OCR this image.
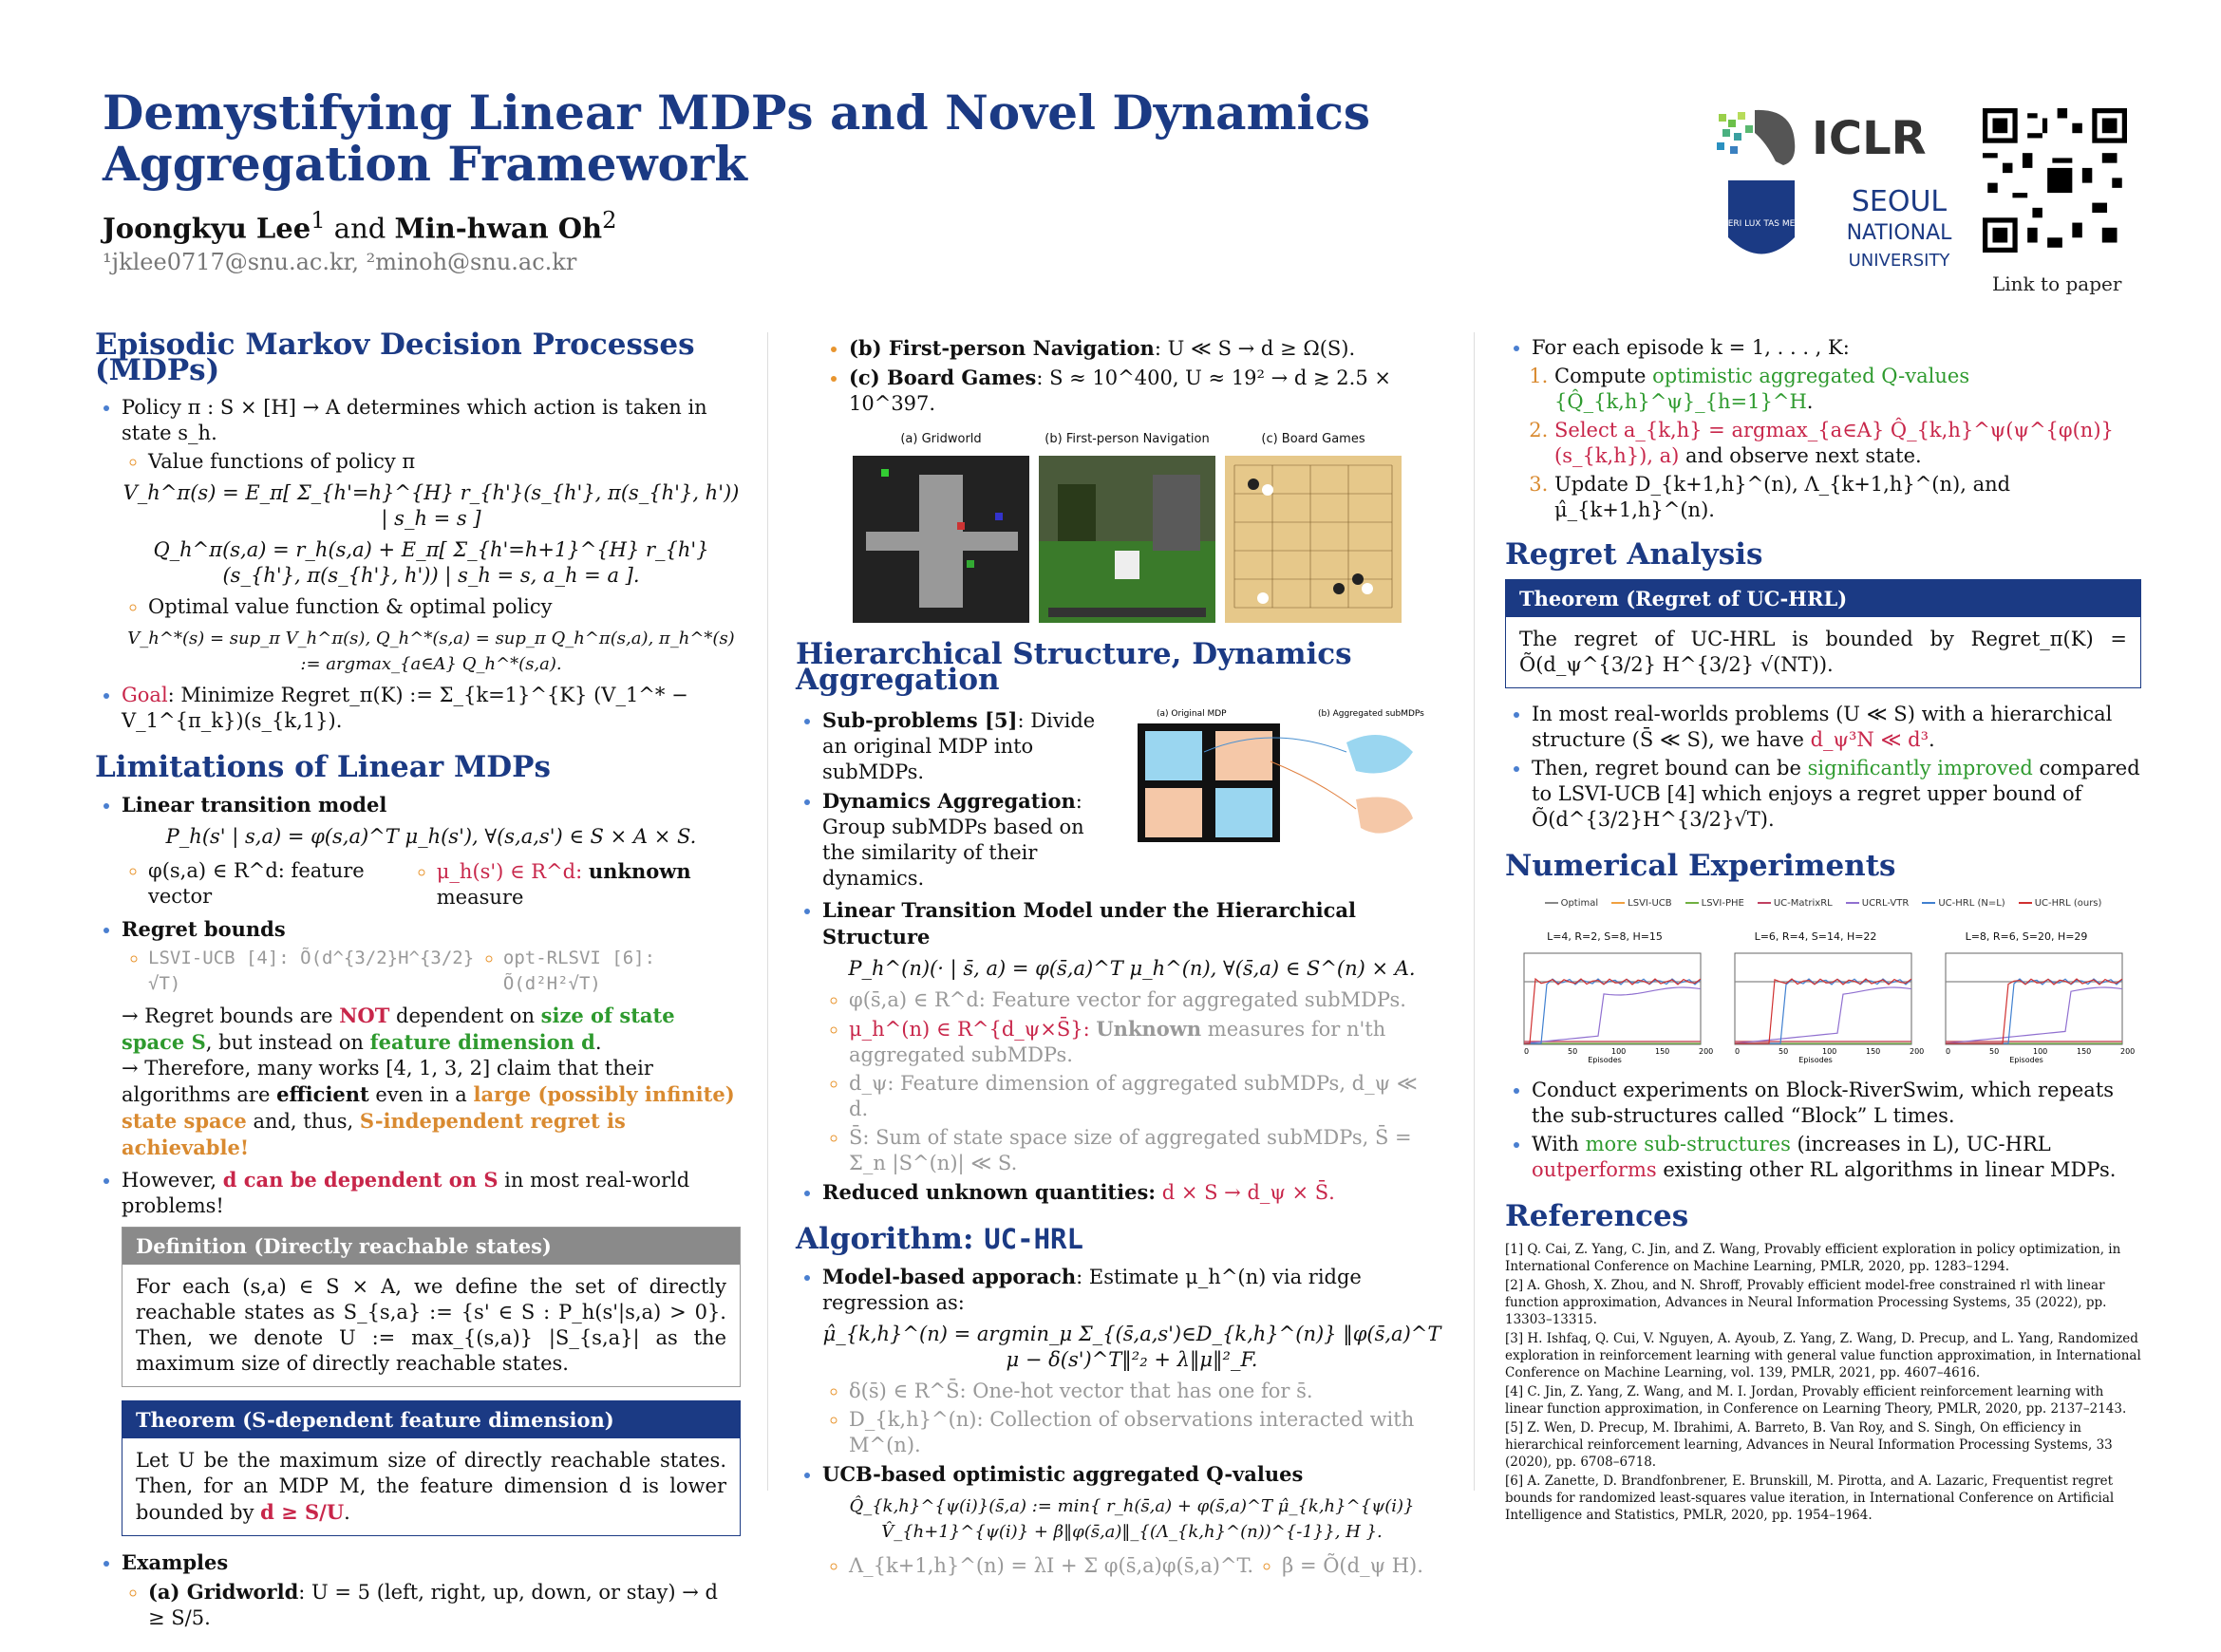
Demystifying Linear MDPs and Novel Dynamics Aggregation Framework
Joongkyu Lee$^1$ and Min-hwan Oh$^2$
¹jklee0717@snu.ac.kr, ²minoh@snu.ac.kr
ICLR
VERI LUX TAS MEA
SEOUL
NATIONAL
UNIVERSITY
Link to paper
Episodic Markov Decision Processes (MDPs)
• Policy π : S × [H] → A determines which action is taken in state s_h.
◦ Value functions of policy π
V_h^π(s) = E_π[ Σ_{h'=h}^{H} r_{h'}(s_{h'}, π(s_{h'}, h')) | s_h = s ]
Q_h^π(s,a) = r_h(s,a) + E_π[ Σ_{h'=h+1}^{H} r_{h'}(s_{h'}, π(s_{h'}, h')) | s_h = s, a_h = a ].
◦ Optimal value function & optimal policy
V_h^*(s) = sup_π V_h^π(s), Q_h^*(s,a) = sup_π Q_h^π(s,a), π_h^*(s) := argmax_{a∈A} Q_h^*(s,a).
• Goal: Minimize Regret_π(K) := Σ_{k=1}^{K} (V_1^* − V_1^{π_k})(s_{k,1}).
Limitations of Linear MDPs
• Linear transition model
P_h(s' | s,a) = φ(s,a)^T μ_h(s'), ∀(s,a,s') ∈ S × A × S.
◦ φ(s,a) ∈ R^d: feature vector
◦ μ_h(s') ∈ R^d: unknown measure
• Regret bounds
◦ LSVI-UCB [4]: Õ(d^{3/2}H^{3/2}√T)
◦ opt-RLSVI [6]: Õ(d²H²√T)
→ Regret bounds are NOT dependent on size of state space S, but instead on feature dimension d.
→ Therefore, many works [4, 1, 3, 2] claim that their algorithms are efficient even in a large (possibly infinite) state space and, thus, S-independent regret is achievable!
• However, d can be dependent on S in most real-world problems!
Definition (Directly reachable states)
For each (s,a) ∈ S × A, we define the set of directly reachable states as S_{s,a} := {s' ∈ S : P_h(s'|s,a) > 0}. Then, we denote U := max_{(s,a)} |S_{s,a}| as the maximum size of directly reachable states.
Theorem (S-dependent feature dimension)
Let U be the maximum size of directly reachable states. Then, for an MDP M, the feature dimension d is lower bounded by d ≥ S/U.
• Examples
◦ (a) Gridworld: U = 5 (left, right, up, down, or stay) → d ≥ S/5.
• (b) First-person Navigation: U ≪ S → d ≥ Ω(S).
• (c) Board Games: S ≈ 10^400, U ≈ 19² → d ≳ 2.5 × 10^397.
(a) Gridworld	(b) First-person Navigation	(c) Board Games
Hierarchical Structure, Dynamics Aggregation
• Sub-problems [5]: Divide an original MDP into subMDPs.
• Dynamics Aggregation: Group subMDPs based on the similarity of their dynamics.
(a) Original MDP	(b) Aggregated subMDPs
• Linear Transition Model under the Hierarchical Structure
P_h^(n)(· | s̄, a) = φ(s̄,a)^T μ_h^(n), ∀(s̄,a) ∈ S^(n) × A.
◦ φ(s̄,a) ∈ R^d: Feature vector for aggregated subMDPs.
◦ μ_h^(n) ∈ R^{d_ψ×S̄}: Unknown measures for n'th aggregated subMDPs.
◦ d_ψ: Feature dimension of aggregated subMDPs, d_ψ ≪ d.
◦ S̄: Sum of state space size of aggregated subMDPs, S̄ = Σ_n |S^(n)| ≪ S.
• Reduced unknown quantities: d × S → d_ψ × S̄.
Algorithm: UC-HRL
• Model-based apporach: Estimate μ_h^(n) via ridge regression as:
μ̂_{k,h}^(n) = argmin_μ Σ_{(s̄,a,s')∈D_{k,h}^(n)} ‖φ(s̄,a)^T μ − δ(s')^T‖²₂ + λ‖μ‖²_F.
◦ δ(s̄) ∈ R^S̄: One-hot vector that has one for s̄.
◦ D_{k,h}^(n): Collection of observations interacted with M^(n).
• UCB-based optimistic aggregated Q-values
Q̂_{k,h}^{ψ(i)}(s̄,a) := min{ r_h(s̄,a) + φ(s̄,a)^T μ̂_{k,h}^{ψ(i)} V̂_{h+1}^{ψ(i)} + β‖φ(s̄,a)‖_{(Λ_{k,h}^(n))^{-1}}, H }.
◦ Λ_{k+1,h}^(n) = λI + Σ φ(s̄,a)φ(s̄,a)^T.
◦ β = Õ(d_ψ H).
• For each episode k = 1, . . . , K:
1. Compute optimistic aggregated Q-values {Q̂_{k,h}^ψ}_{h=1}^H.
2. Select a_{k,h} = argmax_{a∈A} Q̂_{k,h}^ψ(ψ^{φ(n)}(s_{k,h}), a) and observe next state.
3. Update D_{k+1,h}^(n), Λ_{k+1,h}^(n), and μ̂_{k+1,h}^(n).
Regret Analysis
Theorem (Regret of UC-HRL)
The regret of UC-HRL is bounded by Regret_π(K) = Õ(d_ψ^{3/2} H^{3/2} √(NT)).
• In most real-worlds problems (U ≪ S) with a hierarchical structure (S̄ ≪ S), we have d_ψ³N ≪ d³.
• Then, regret bound can be significantly improved compared to LSVI-UCB [4] which enjoys a regret upper bound of Õ(d^{3/2}H^{3/2}√T).
Numerical Experiments
Optimal	LSVI-UCB	LSVI-PHE	UC-MatrixRL	UCRL-VTR	UC-HRL (N=L)	UC-HRL (ours)
L=4, R=2, S=8, H=15
0	50	100	150	200
Episodes
L=6, R=4, S=14, H=22
0	50	100	150	200
Episodes
L=8, R=6, S=20, H=29
0	50	100	150	200
Episodes
• Conduct experiments on Block-RiverSwim, which repeats the sub-structures called “Block” L times.
• With more sub-structures (increases in L), UC-HRL outperforms existing other RL algorithms in linear MDPs.
References
[1] Q. Cai, Z. Yang, C. Jin, and Z. Wang, Provably efficient exploration in policy optimization, in International Conference on Machine Learning, PMLR, 2020, pp. 1283–1294.
[2] A. Ghosh, X. Zhou, and N. Shroff, Provably efficient model-free constrained rl with linear function approximation, Advances in Neural Information Processing Systems, 35 (2022), pp. 13303–13315.
[3] H. Ishfaq, Q. Cui, V. Nguyen, A. Ayoub, Z. Yang, Z. Wang, D. Precup, and L. Yang, Randomized exploration in reinforcement learning with general value function approximation, in International Conference on Machine Learning, vol. 139, PMLR, 2021, pp. 4607–4616.
[4] C. Jin, Z. Yang, Z. Wang, and M. I. Jordan, Provably efficient reinforcement learning with linear function approximation, in Conference on Learning Theory, PMLR, 2020, pp. 2137–2143.
[5] Z. Wen, D. Precup, M. Ibrahimi, A. Barreto, B. Van Roy, and S. Singh, On efficiency in hierarchical reinforcement learning, Advances in Neural Information Processing Systems, 33 (2020), pp. 6708–6718.
[6] A. Zanette, D. Brandfonbrener, E. Brunskill, M. Pirotta, and A. Lazaric, Frequentist regret bounds for randomized least-squares value iteration, in International Conference on Artificial Intelligence and Statistics, PMLR, 2020, pp. 1954–1964.
